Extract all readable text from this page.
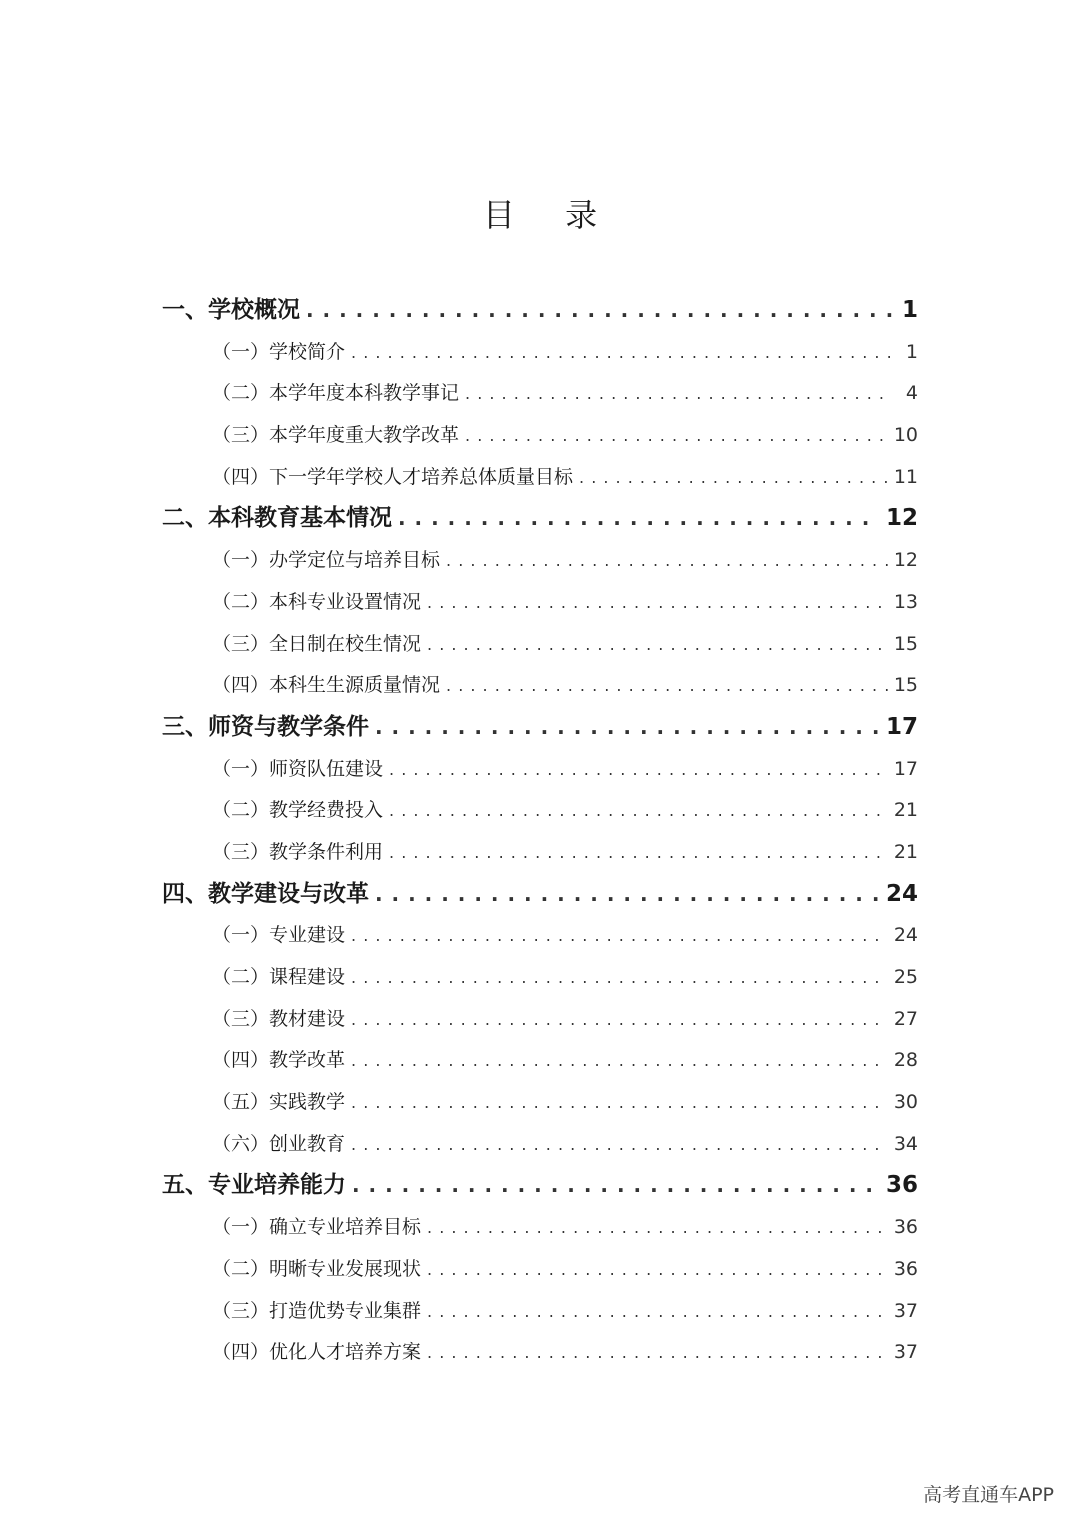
目 录
一、学校概况 . . .	1
（一）学校简介 . . .	1
（二）本学年度本科教学事记 . . .	4
（三）本学年度重大教学改革 . . .	10
（四）下一学年学校人才培养总体质量目标 . . .	11
二、本科教育基本情况 . . .	12
（一）办学定位与培养目标 . . .	12
（二）本科专业设置情况 . . .	13
（三）全日制在校生情况 . . .	15
（四）本科生生源质量情况 . . .	15
三、师资与教学条件 . . .	17
（一）师资队伍建设 . . .	17
（二）教学经费投入 . . .	21
（三）教学条件利用 . . .	21
四、教学建设与改革 . . .	24
（一）专业建设 . . .	24
（二）课程建设 . . .	25
（三）教材建设 . . .	27
（四）教学改革 . . .	28
（五）实践教学 . . .	30
（六）创业教育 . . .	34
五、专业培养能力 . . .	36
（一）确立专业培养目标 . . .	36
（二）明晰专业发展现状 . . .	36
（三）打造优势专业集群 . . .	37
（四）优化人才培养方案 . . .	37
高考直通车APP
